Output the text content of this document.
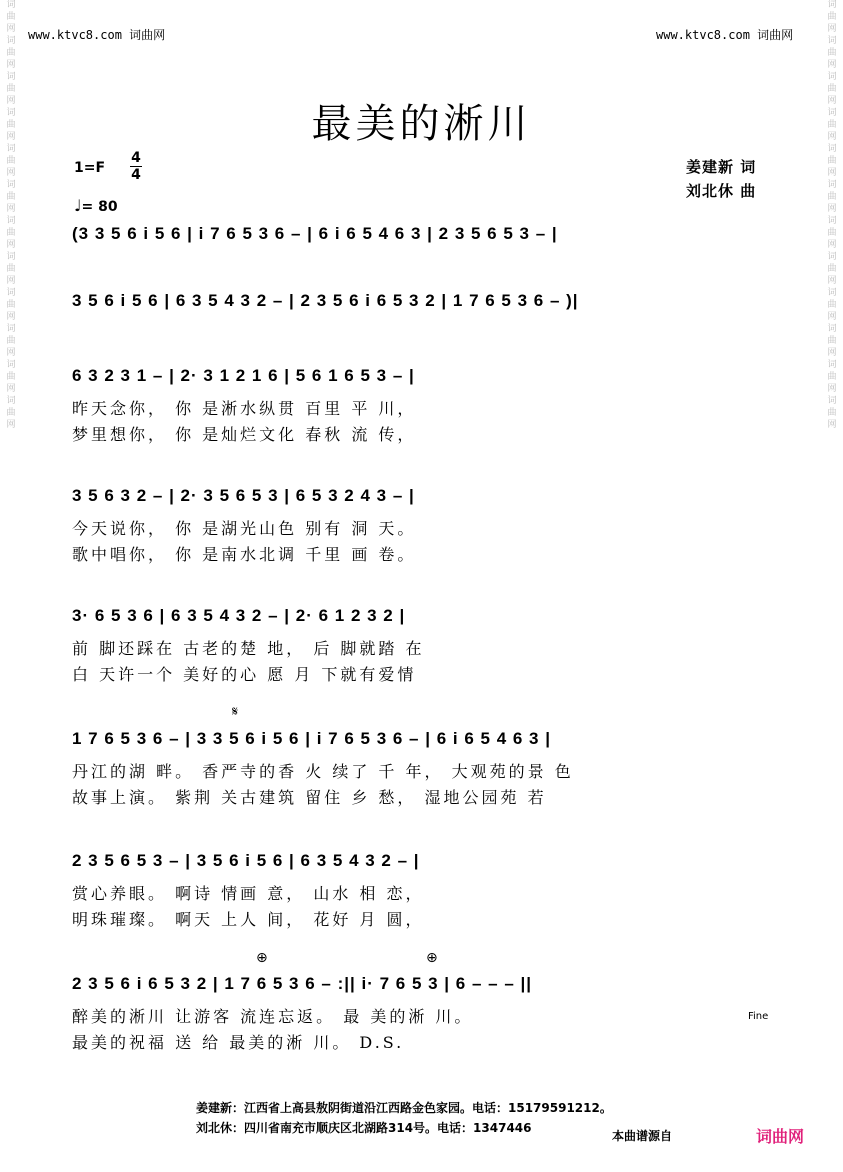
词
曲
网
词
曲
网
词
曲
网
词
曲
网
词
曲
网
词
曲
网
词
曲
网
词
曲
网
词
曲
网
词
曲
网
词
曲
网
词
曲
网
词
曲
网
词
曲
网
词
曲
网
词
曲
网
词
曲
网
词
曲
网
词
曲
网
词
曲
网
词
曲
网
词
曲
网
词
曲
网
词
曲
网
www.ktvc8.com 词曲网	www.ktvc8.com 词曲网
最美的淅川
1=F
4
4
♩= 80
姜建新 词
刘北休 曲
(3 3 5 6 i 5 6 | i 7 6 5 3 6 – | 6 i 6 5 4 6 3 | 2 3 5 6 5 3 – |
3 5 6 i 5 6 | 6 3 5 4 3 2 – | 2 3 5 6 i 6 5 3 2 | 1 7 6 5 3 6 – )|
6 3 2 3 1 – | 2· 3 1 2 1 6 | 5 6 1 6 5 3 – |
昨天念你， 你 是淅水纵贯 百里 平 川，
梦里想你， 你 是灿烂文化 春秋 流 传，
3 5 6 3 2 – | 2· 3 5 6 5 3 | 6 5 3 2 4 3 – |
今天说你， 你 是湖光山色 别有 洞 天。
歌中唱你， 你 是南水北调 千里 画 卷。
3· 6 5 3 6 | 6 3 5 4 3 2 – | 2· 6 1 2 3 2 |
前 脚还踩在 古老的楚 地， 后 脚就踏 在
白 天许一个 美好的心 愿 月 下就有爱情
𝄋
1 7 6 5 3 6 – | 3 3 5 6 i 5 6 | i 7 6 5 3 6 – | 6 i 6 5 4 6 3 |
丹江的湖 畔。 香严寺的香 火 续了 千 年， 大观苑的景 色
故事上演。 紫荆 关古建筑 留住 乡 愁， 湿地公园苑 若
2 3 5 6 5 3 – | 3 5 6 i 5 6 | 6 3 5 4 3 2 – |
赏心养眼。 啊诗 情画 意， 山水 相 恋，
明珠璀璨。 啊天 上人 间， 花好 月 圆，
⊕	⊕
2 3 5 6 i 6 5 3 2 | 1 7 6 5 3 6 – :|| i· 7 6 5 3 | 6 – – – ||
醉美的淅川 让游客 流连忘返。 最 美的淅 川。
最美的祝福 送 给 最美的淅 川。 D.S.
Fine
姜建新：江西省上高县敖阴街道沿江西路金色家园。电话：15179591212。
刘北休：四川省南充市顺庆区北湖路314号。电话：1347446
本曲谱源自	词曲网
